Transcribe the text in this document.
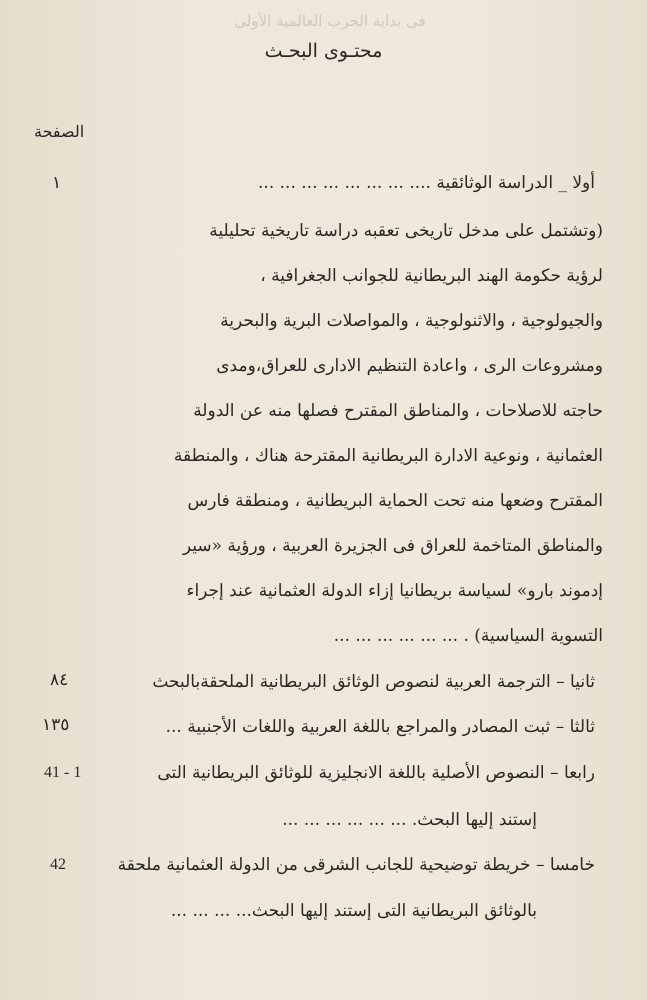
فى بداية الحرب العالمية الأولى
محتـوى البحـث
الصفحة
أولا _ الدراسة الوثائقية .... ... ... ... ... ... ... ...
١
(وتشتمل على مدخل تاريخى تعقبه دراسة تاريخية تحليلية
لرؤية حكومة الهند البريطانية للجوانب الجغرافية ،
والجيولوجية ، والاثنولوجية ، والمواصلات البرية والبحرية
ومشروعات الرى ، واعادة التنظيم الادارى للعراق،ومدى
حاجته للاصلاحات ، والمناطق المقترح فصلها منه عن الدولة
العثمانية ، ونوعية الادارة البريطانية المقترحة هناك ، والمنطقة
المقترح وضعها منه تحت الحماية البريطانية ، ومنطقة فارس
والمناطق المتاخمة للعراق فى الجزيرة العربية ، ورؤية «سير
إدموند بارو» لسياسة بريطانيا إزاء الدولة العثمانية عند إجراء
التسوية السياسية) . ... ... ... ... ... ...
ثانيا – الترجمة العربية لنصوص الوثائق البريطانية الملحقةبالبحث
٨٤
ثالثا – ثبت المصادر والمراجع باللغة العربية واللغات الأجنبية ...
١٣٥
رابعا – النصوص الأصلية باللغة الانجليزية للوثائق البريطانية التى
41 - 1
إستند إليها البحث. ... ... ... ... ... ...
خامسا – خريطة توضيحية للجانب الشرقى من الدولة العثمانية ملحقة
42
بالوثائق البريطانية التى إستند إليها البحث... ... ... ...
